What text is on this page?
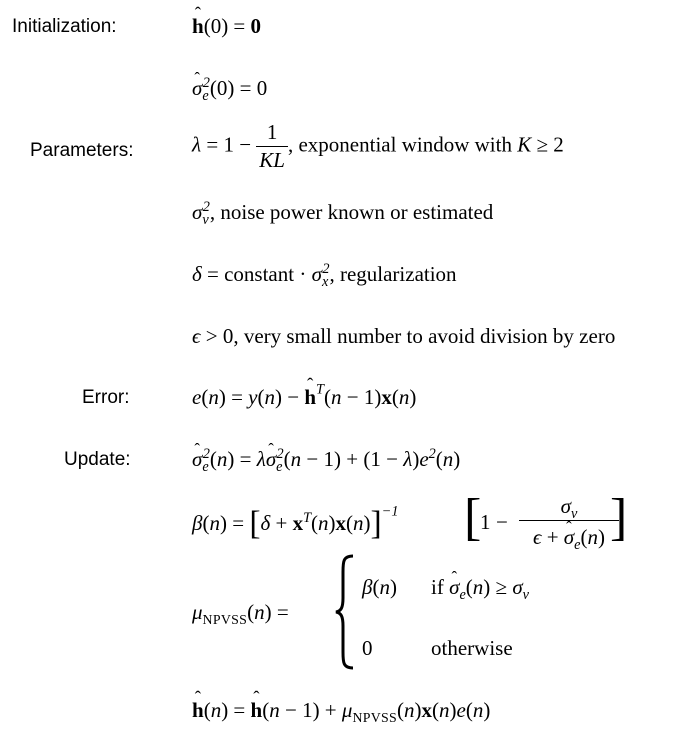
Initialization:
Parameters:
Error:
Update:
ˆ h(0) = 0
ˆ $\sigma_e^2(0) = 0$
$\lambda = 1 - \frac{1}{KL}$ , exponential window with K ≥ 2
$\sigma_v^2$, noise power known or estimated
δ = constant · $\sigma_x^2$, regularization
ϵ > 0, very small number to avoid division by zero
e(n) = y(n) − ˆ $h^T(n - 1)x(n)$
ˆ $\sigma_e^2(n)$ = λˆ $\sigma_e^2(n - 1) + (1 - \lambda)e^2(n)$
$\beta(n) = [\delta + x^T(n)x(n)]^{-1}$ [
1 −
$\sigma_v$
ϵ + ˆ $\sigma_e(n)$ ]
$\mu_{NPVSS}(n)$ =
β(n) if ˆ $\sigma_e(n) \ge \sigma_v$
0	otherwise
ˆ h(n) = ˆ $h(n - 1) + \mu_{NPVSS}(n)x(n)e(n)$
